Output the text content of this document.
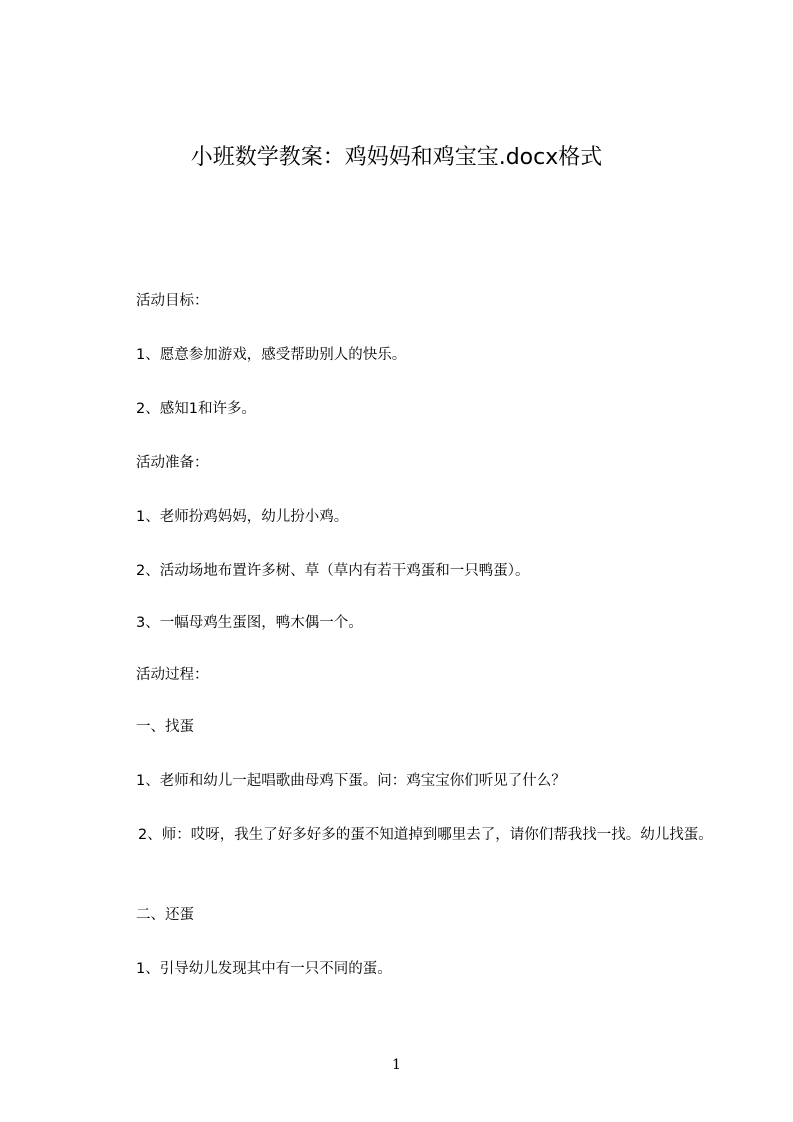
小班数学教案：鸡妈妈和鸡宝宝.docx格式
活动目标：
1、愿意参加游戏，感受帮助别人的快乐。
2、感知1和许多。
活动准备：
1、老师扮鸡妈妈，幼儿扮小鸡。
2、活动场地布置许多树、草（草内有若干鸡蛋和一只鸭蛋）。
3、一幅母鸡生蛋图，鸭木偶一个。
活动过程：
一、找蛋
1、老师和幼儿一起唱歌曲母鸡下蛋。问：鸡宝宝你们听见了什么？
2、师：哎呀，我生了好多好多的蛋不知道掉到哪里去了，请你们帮我找一找。幼儿找蛋。
二、还蛋
1、引导幼儿发现其中有一只不同的蛋。
1
